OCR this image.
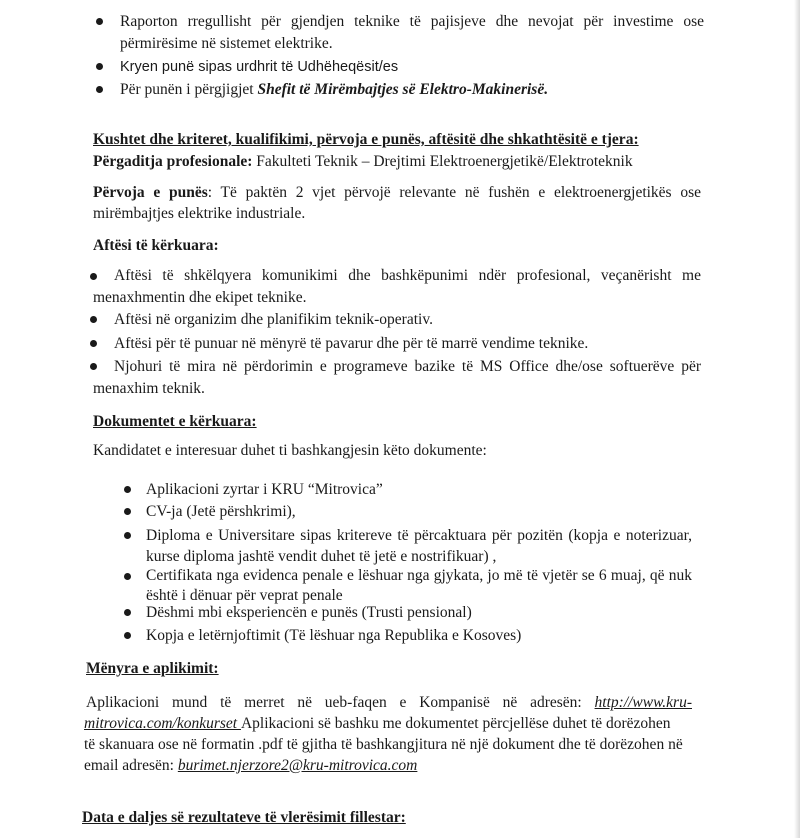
Raporton rregullisht për gjendjen teknike të pajisjeve dhe nevojat për investime ose
përmirësime në sistemet elektrike.
Kryen punë sipas urdhrit të Udhëheqësit/es
Për punën i përgjigjet Shefit të Mirëmbajtjes së Elektro-Makinerisë.
Kushtet dhe kriteret, kualifikimi, përvoja e punës, aftësitë dhe shkathtësitë e tjera:
Përgaditja profesionale: Fakulteti Teknik – Drejtimi Elektroenergjetikë/Elektroteknik
Përvoja e punës: Të paktën 2 vjet përvojë relevante në fushën e elektroenergjetikës ose
mirëmbajtjes elektrike industriale.
Aftësi të kërkuara:
Aftësi të shkëlqyera komunikimi dhe bashkëpunimi ndër profesional, veçanërisht me
menaxhmentin dhe ekipet teknike.
Aftësi në organizim dhe planifikim teknik-operativ.
Aftësi për të punuar në mënyrë të pavarur dhe për të marrë vendime teknike.
Njohuri të mira në përdorimin e programeve bazike të MS Office dhe/ose softuerëve për
menaxhim teknik.
Dokumentet e kërkuara:
Kandidatet e interesuar duhet ti bashkangjesin këto dokumente:
Aplikacioni zyrtar i KRU “Mitrovica”
CV-ja (Jetë përshkrimi),
Diploma e Universitare sipas kritereve të përcaktuara për pozitën (kopja e noterizuar,
kurse diploma jashtë vendit duhet të jetë e nostrifikuar) ,
Certifikata nga evidenca penale e lëshuar nga gjykata, jo më të vjetër se 6 muaj, që nuk
është i dënuar për veprat penale
Dëshmi mbi eksperiencën e punës (Trusti pensional)
Kopja e letërnjoftimit (Të lëshuar nga Republika e Kosoves)
Mënyra e aplikimit:
Aplikacioni mund të merret në ueb-faqen e Kompanisë në adresën: http://www.kru-
mitrovica.com/konkurset Aplikacioni së bashku me dokumentet përcjellëse duhet të dorëzohen
të skanuara ose në formatin .pdf të gjitha të bashkangjitura në një dokument dhe të dorëzohen në
email adresën: burimet.njerzore2@kru-mitrovica.com
Data e daljes së rezultateve të vlerësimit fillestar:
